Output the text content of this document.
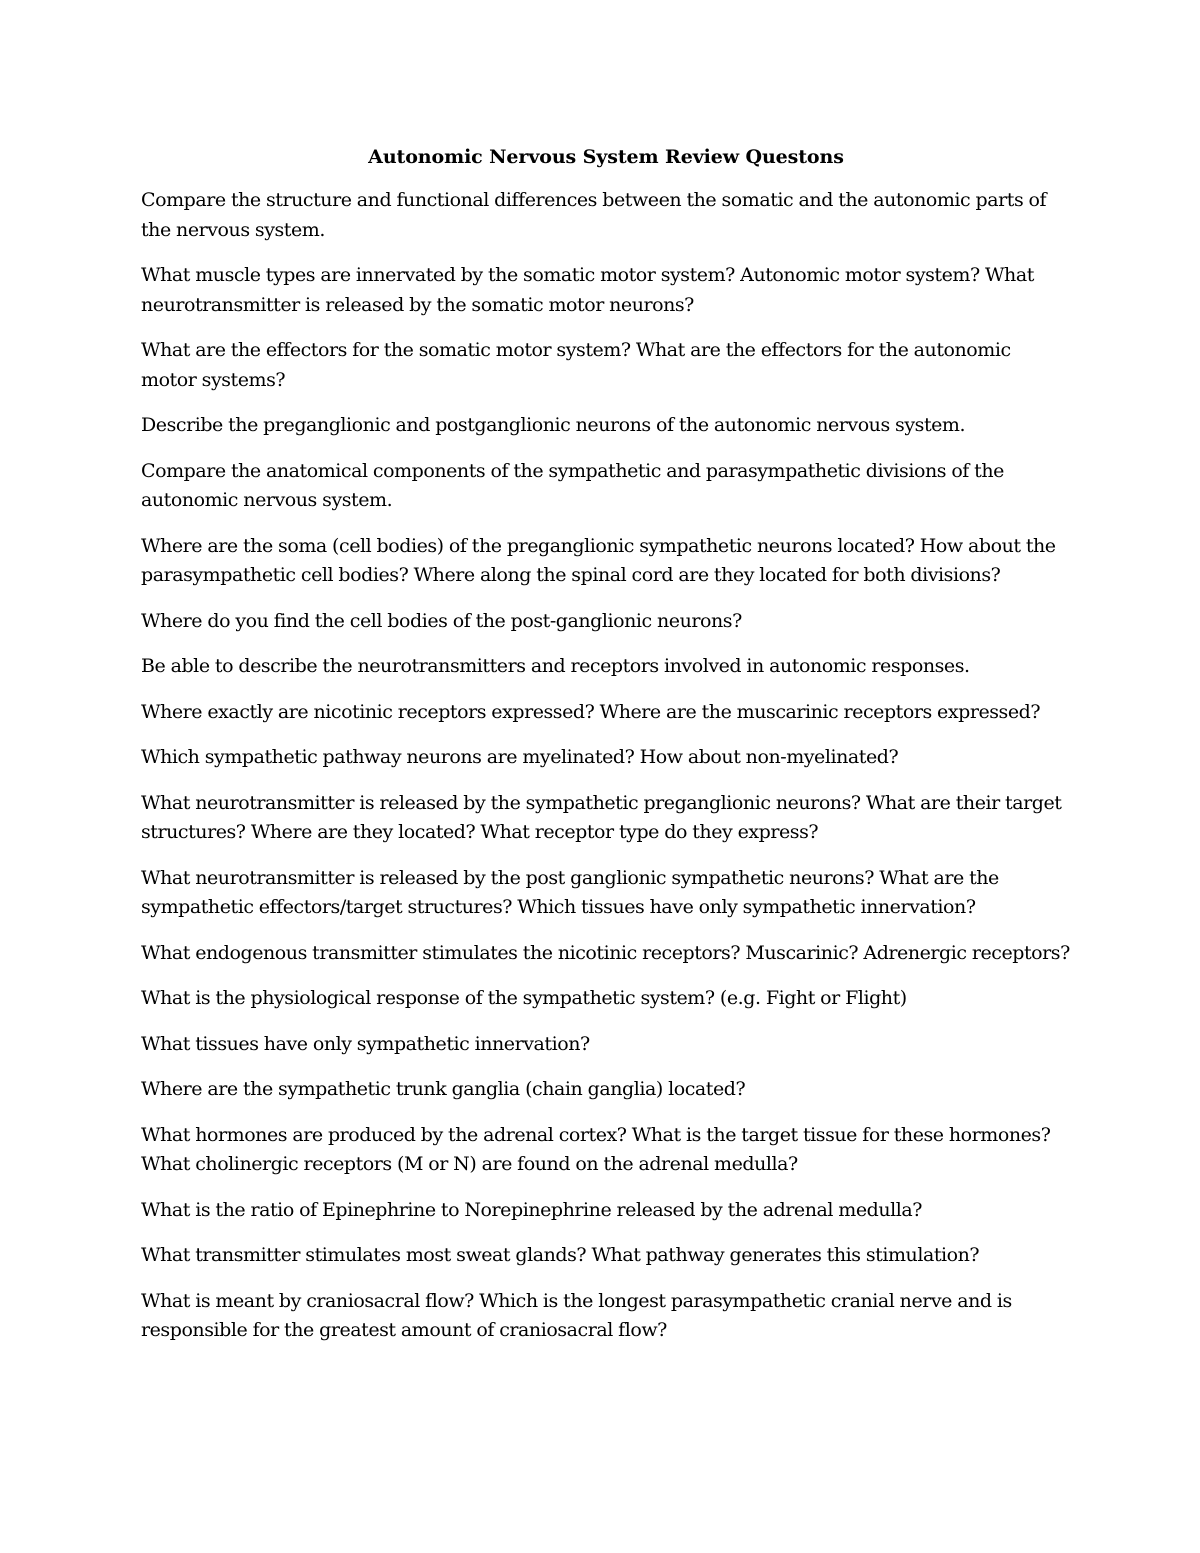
Autonomic Nervous System Review Questons

Compare the structure and functional differences between the somatic and the autonomic parts of the nervous system.

What muscle types are innervated by the somatic motor system? Autonomic motor system? What neurotransmitter is released by the somatic motor neurons?

What are the effectors for the somatic motor system? What are the effectors for the autonomic motor systems?

Describe the preganglionic and postganglionic neurons of the autonomic nervous system.

Compare the anatomical components of the sympathetic and parasympathetic divisions of the autonomic nervous system.

Where are the soma (cell bodies) of the preganglionic sympathetic neurons located? How about the parasympathetic cell bodies? Where along the spinal cord are they located for both divisions?

Where do you find the cell bodies of the post-ganglionic neurons?

Be able to describe the neurotransmitters and receptors involved in autonomic responses.

Where exactly are nicotinic receptors expressed? Where are the muscarinic receptors expressed?

Which sympathetic pathway neurons are myelinated? How about non-myelinated?

What neurotransmitter is released by the sympathetic preganglionic neurons? What are their target structures? Where are they located? What receptor type do they express?

What neurotransmitter is released by the post ganglionic sympathetic neurons? What are the sympathetic effectors/target structures? Which tissues have only sympathetic innervation?

What endogenous transmitter stimulates the nicotinic receptors? Muscarinic? Adrenergic receptors?

What is the physiological response of the sympathetic system? (e.g. Fight or Flight)

What tissues have only sympathetic innervation?

Where are the sympathetic trunk ganglia (chain ganglia) located?

What hormones are produced by the adrenal cortex? What is the target tissue for these hormones? What cholinergic receptors (M or N) are found on the adrenal medulla?

What is the ratio of Epinephrine to Norepinephrine released by the adrenal medulla?

What transmitter stimulates most sweat glands? What pathway generates this stimulation?

What is meant by craniosacral flow? Which is the longest parasympathetic cranial nerve and is responsible for the greatest amount of craniosacral flow?
